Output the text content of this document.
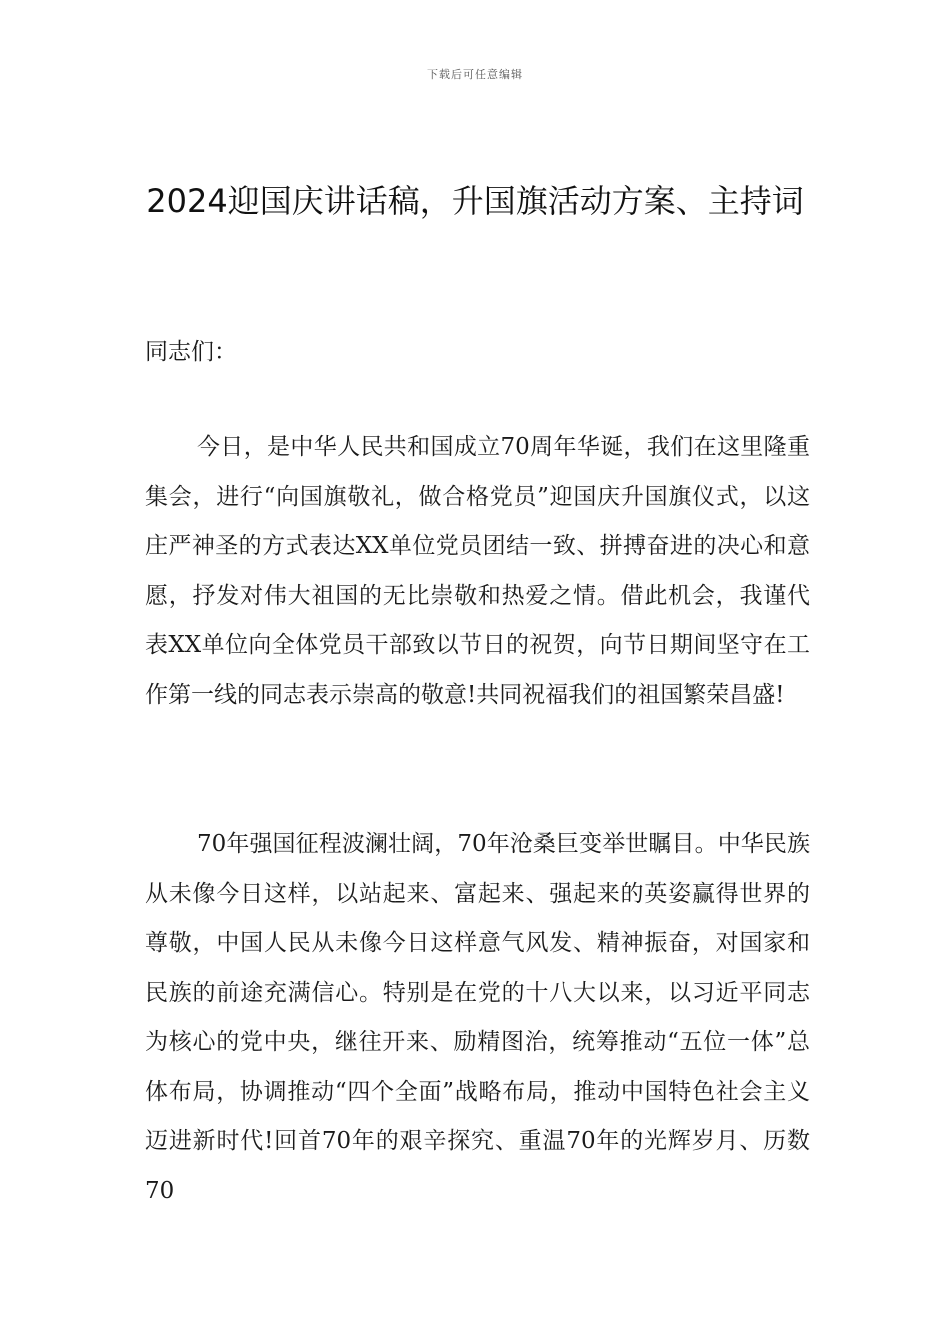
下载后可任意编辑
2024迎国庆讲话稿，升国旗活动方案、主持词

同志们：

今日，是中华人民共和国成立70周年华诞，我们在这里隆重集会，进行“向国旗敬礼，做合格党员”迎国庆升国旗仪式，以这庄严神圣的方式表达XX单位党员团结一致、拼搏奋进的决心和意愿，抒发对伟大祖国的无比崇敬和热爱之情。借此机会，我谨代表XX单位向全体党员干部致以节日的祝贺，向节日期间坚守在工作第一线的同志表示崇高的敬意!共同祝福我们的祖国繁荣昌盛!

70年强国征程波澜壮阔，70年沧桑巨变举世瞩目。中华民族从未像今日这样，以站起来、富起来、强起来的英姿赢得世界的尊敬，中国人民从未像今日这样意气风发、精神振奋，对国家和民族的前途充满信心。特别是在党的十八大以来，以习近平同志为核心的党中央，继往开来、励精图治，统筹推动“五位一体”总体布局，协调推动“四个全面”战略布局，推动中国特色社会主义迈进新时代!回首70年的艰辛探究、重温70年的光辉岁月、历数70
